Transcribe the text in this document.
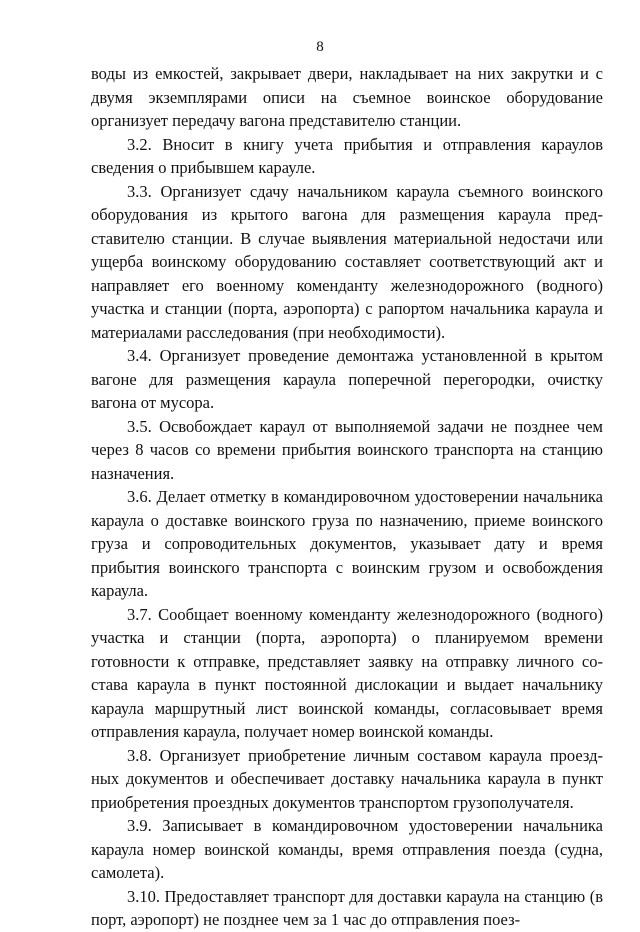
8

воды из емкостей, закрывает двери, накладывает на них закрутки и с двумя экземплярами описи на съемное воинское оборудование организует передачу вагона представителю станции.

3.2. Вносит в книгу учета прибытия и отправления караулов сведения о прибывшем карауле.

3.3. Организует сдачу начальником караула съемного воинского оборудования из крытого вагона для размещения караула представителю станции. В случае выявления материальной недостачи или ущерба воинскому оборудованию составляет соответствующий акт и направляет его военному коменданту железнодорожного (водного) участка и станции (порта, аэропорта) с рапортом начальника караула и материалами расследования (при необходимости).

3.4. Организует проведение демонтажа установленной в крытом вагоне для размещения караула поперечной перегородки, очистку вагона от мусора.

3.5. Освобождает караул от выполняемой задачи не позднее чем через 8 часов со времени прибытия воинского транспорта на станцию назначения.

3.6. Делает отметку в командировочном удостоверении начальника караула о доставке воинского груза по назначению, приеме воинского груза и сопроводительных документов, указывает дату и время прибытия воинского транспорта с воинским грузом и освобождения караула.

3.7. Сообщает военному коменданту железнодорожного (водного) участка и станции (порта, аэропорта) о планируемом времени готовности к отправке, представляет заявку на отправку личного состава караула в пункт постоянной дислокации и выдает начальнику караула маршрутный лист воинской команды, согласовывает время отправления караула, получает номер воинской команды.

3.8. Организует приобретение личным составом караула проездных документов и обеспечивает доставку начальника караула в пункт приобретения проездных документов транспортом грузополучателя.

3.9. Записывает в командировочном удостоверении начальника караула номер воинской команды, время отправления поезда (судна, самолета).

3.10. Предоставляет транспорт для доставки караула на станцию (в порт, аэропорт) не позднее чем за 1 час до отправления поез-
